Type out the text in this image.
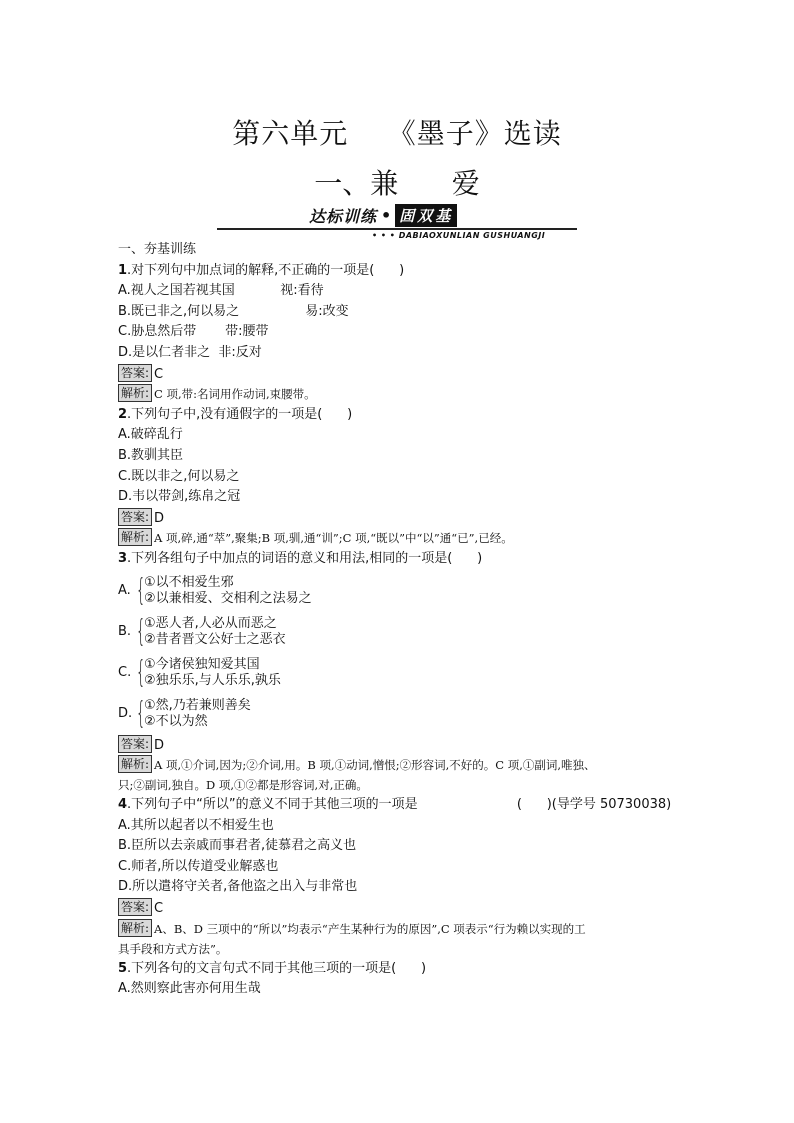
第六单元    《墨子》选读
一、兼      爱
达标训练 • 固双基
• • • DABIAOXUNLIAN GUSHUANGJI
一、夯基训练
1.对下列句中加点词的解释,不正确的一项是(      )
A.视人之国若视其国           视:看待
B.既已非之,何以易之                易:改变
C.胁息然后带       带:腰带
D.是以仁者非之  非:反对
答案: C
解析: C 项,带:名词用作动词,束腰带。
2.下列句子中,没有通假字的一项是(      )
A.破碎乱行
B.教驯其臣
C.既以非之,何以易之
D.韦以带剑,练帛之冠
答案: D
解析: A 项,碎,通“萃”,聚集;B 项,驯,通“训”;C 项,“既以”中“以”通“已”,已经。
3.下列各组句子中加点的词语的意义和用法,相同的一项是(      )
A. {
①以不相爱生邪
②以兼相爱、交相利之法易之
B. {
①恶人者,人必从而恶之
②昔者晋文公好士之恶衣
C. {
①今诸侯独知爱其国
②独乐乐,与人乐乐,孰乐
D. {
①然,乃若兼则善矣
②不以为然
答案: D
解析: A 项,①介词,因为;②介词,用。B 项,①动词,憎恨;②形容词,不好的。C 项,①副词,唯独、
只;②副词,独自。D 项,①②都是形容词,对,正确。
4.下列句子中“所以”的意义不同于其他三项的一项是                        (      )(导学号 50730038)
A.其所以起者以不相爱生也
B.臣所以去亲戚而事君者,徒慕君之高义也
C.师者,所以传道受业解惑也
D.所以遣将守关者,备他盗之出入与非常也
答案: C
解析: A、B、D 三项中的“所以”均表示“产生某种行为的原因”,C 项表示“行为赖以实现的工
具手段和方式方法”。
5.下列各句的文言句式不同于其他三项的一项是(      )
A.然则察此害亦何用生哉
